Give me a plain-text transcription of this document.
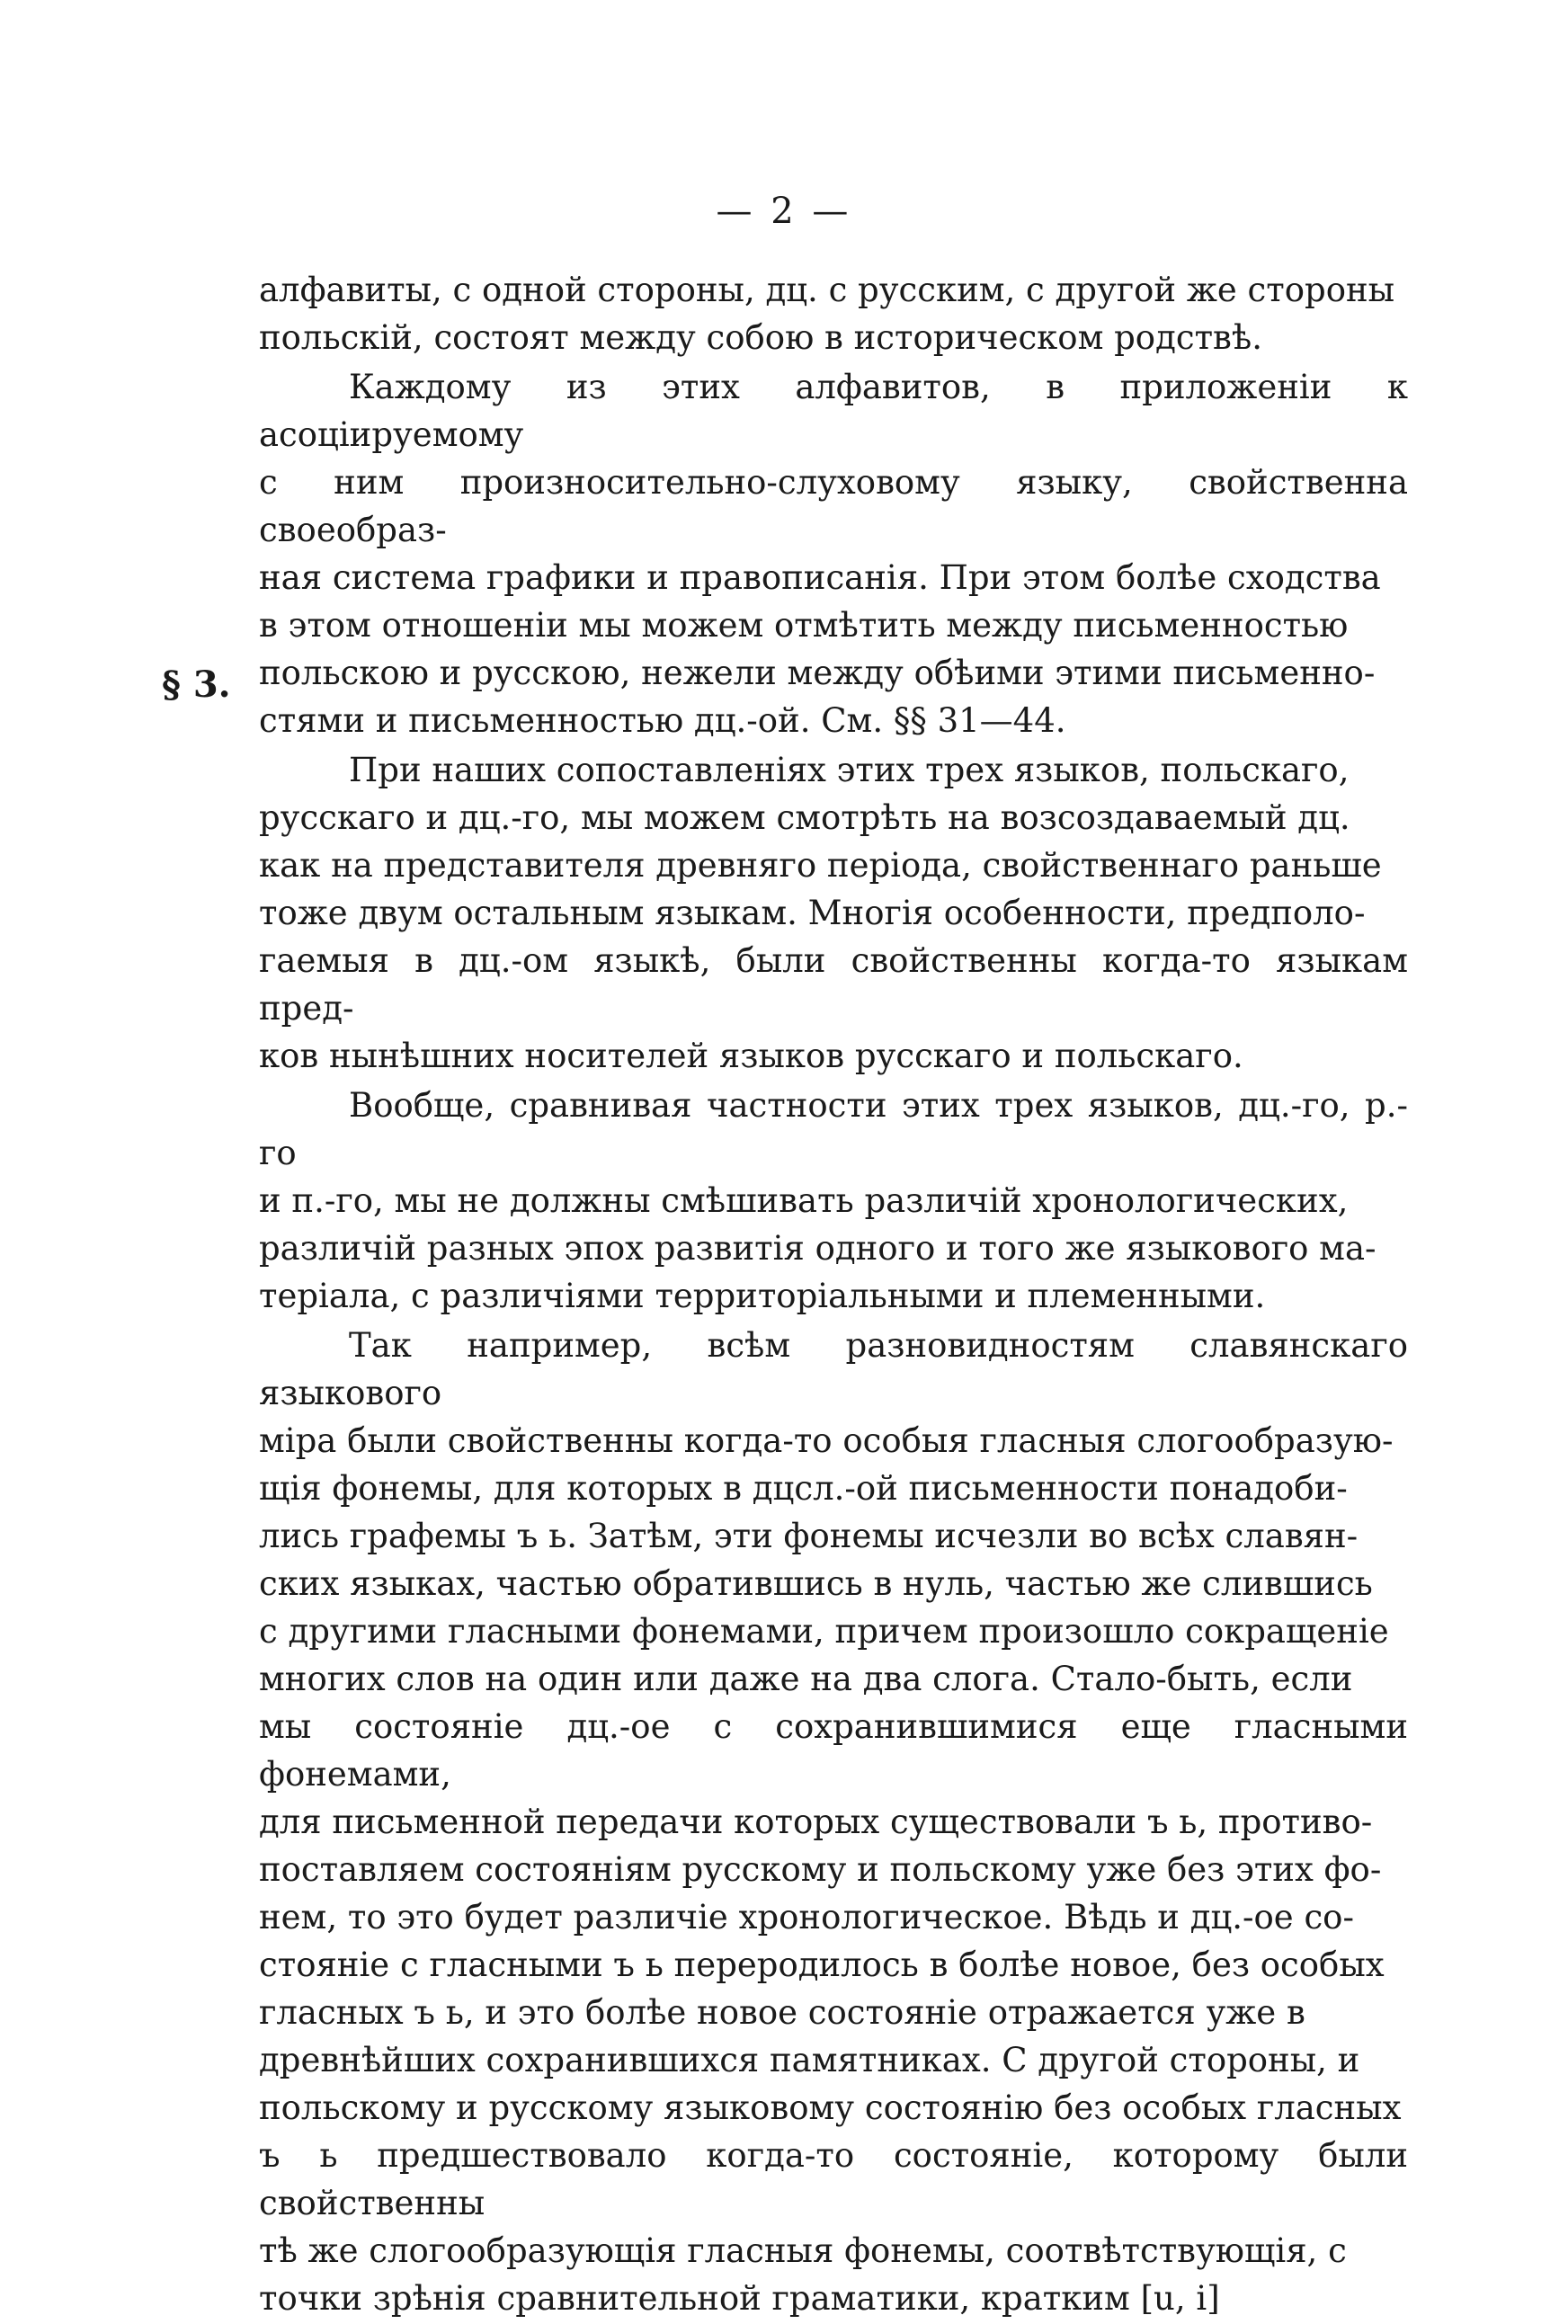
— 2 —
§ 3.

алфавиты, с одной стороны, дц. с русским, с другой же стороны
польскій, состоят между собою в историческом родствѣ.

Каждому из этих алфавитов, в приложеніи к асоціируемому
с ним произносительно-слуховому языку, свойственна своеобраз-
ная система графики и правописанія. При этом болѣе сходства
в этом отношеніи мы можем отмѣтить между письменностью
польскою и русскою, нежели между обѣими этими письменно-
стями и письменностью дц.-ой. См. §§ 31—44.

При наших сопоставленіях этих трех языков, польскаго,
русскаго и дц.-го, мы можем смотрѣть на возсоздаваемый дц.
как на представителя древняго періода, свойственнаго раньше
тоже двум остальным языкам. Многія особенности, предполо-
гаемыя в дц.-ом языкѣ, были свойственны когда-то языкам пред-
ков нынѣшних носителей языков русскаго и польскаго.

Вообще, сравнивая частности этих трех языков, дц.-го, р.-го
и п.-го, мы не должны смѣшивать различій хронологических,
различій разных эпох развитія одного и того же языкового ма-
теріала, с различіями территоріальными и племенными.

Так например, всѣм разновидностям славянскаго языкового
міра были свойственны когда-то особыя гласныя слогообразую-
щія фонемы, для которых в дцсл.-ой письменности понадоби-
лись графемы ъ ь. Затѣм, эти фонемы исчезли во всѣх славян-
ских языках, частью обратившись в нуль, частью же слившись
с другими гласными фонемами, причем произошло сокращеніе
многих слов на один или даже на два слога. Стало-быть, если
мы состояніе дц.-ое с сохранившимися еще гласными фонемами,
для письменной передачи которых существовали ъ ь, противо-
поставляем состояніям русскому и польскому уже без этих фо-
нем, то это будет различіе хронологическое. Вѣдь и дц.-ое со-
стояніе с гласными ъ ь переродилось в болѣе новое, без особых
гласных ъ ь, и это болѣе новое состояніе отражается уже в
древнѣйших сохранившихся памятниках. С другой стороны, и
польскому и русскому языковому состоянію без особых гласных
ъ ь предшествовало когда-то состояніе, которому были свойственны
тѣ же слогообразующія гласныя фонемы, соотвѣтствующія, с
точки зрѣнія сравнительной граматики, кратким [u, i]
